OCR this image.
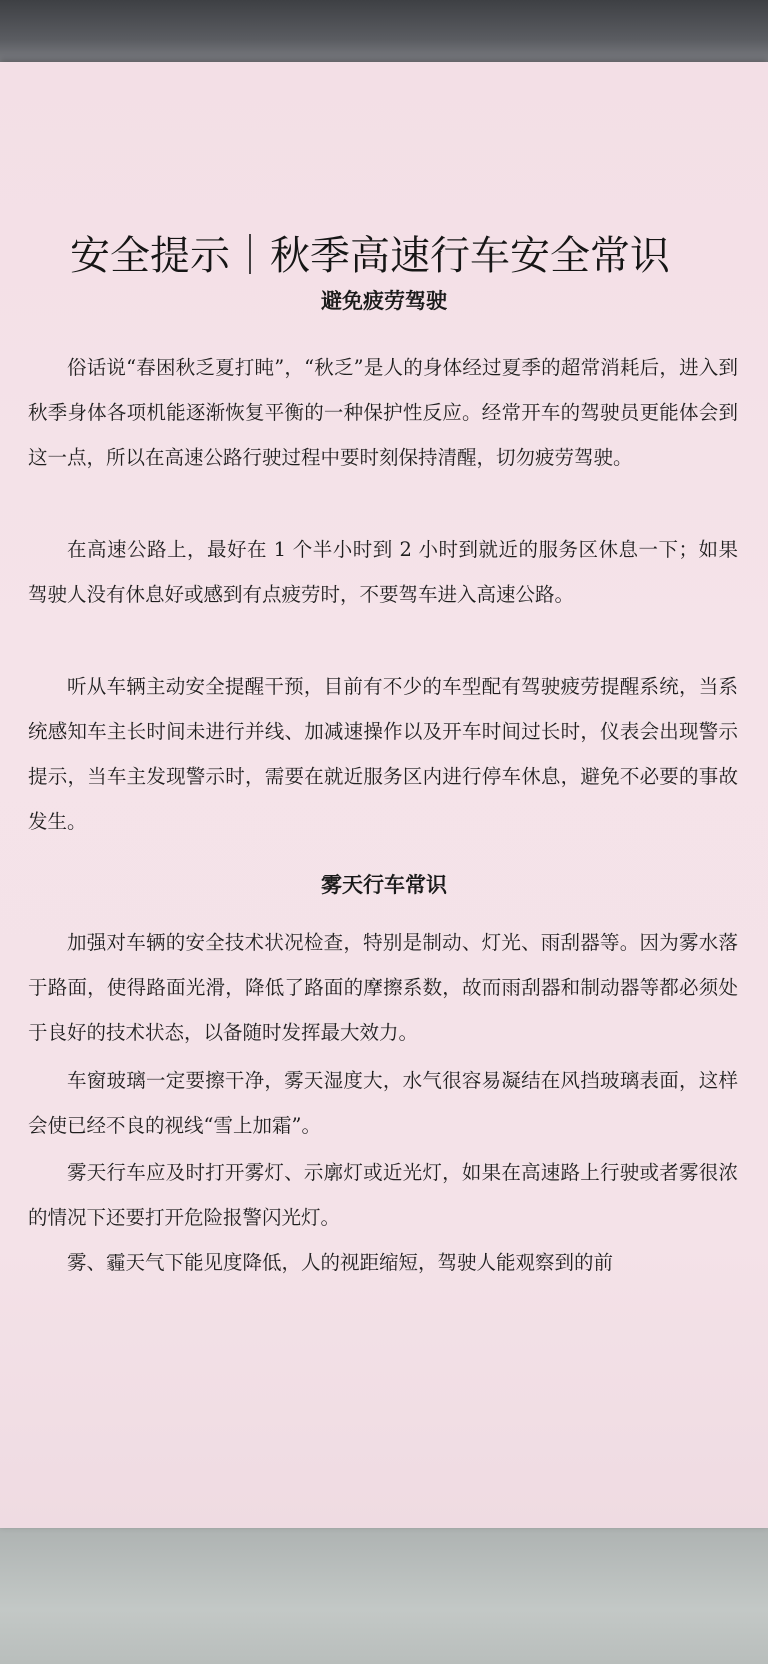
安全提示｜秋季高速行车安全常识
避免疲劳驾驶

俗话说“春困秋乏夏打盹”，“秋乏”是人的身体经过夏季的超常消耗后，进入到秋季身体各项机能逐渐恢复平衡的一种保护性反应。经常开车的驾驶员更能体会到这一点，所以在高速公路行驶过程中要时刻保持清醒，切勿疲劳驾驶。

在高速公路上，最好在 1 个半小时到 2 小时到就近的服务区休息一下；如果驾驶人没有休息好或感到有点疲劳时，不要驾车进入高速公路。

听从车辆主动安全提醒干预，目前有不少的车型配有驾驶疲劳提醒系统，当系统感知车主长时间未进行并线、加减速操作以及开车时间过长时，仪表会出现警示提示，当车主发现警示时，需要在就近服务区内进行停车休息，避免不必要的事故发生。

雾天行车常识

加强对车辆的安全技术状况检查，特别是制动、灯光、雨刮器等。因为雾水落于路面，使得路面光滑，降低了路面的摩擦系数，故而雨刮器和制动器等都必须处于良好的技术状态，以备随时发挥最大效力。

车窗玻璃一定要擦干净，雾天湿度大，水气很容易凝结在风挡玻璃表面，这样会使已经不良的视线“雪上加霜”。

雾天行车应及时打开雾灯、示廓灯或近光灯，如果在高速路上行驶或者雾很浓的情况下还要打开危险报警闪光灯。

雾、霾天气下能见度降低，人的视距缩短，驾驶人能观察到的前
